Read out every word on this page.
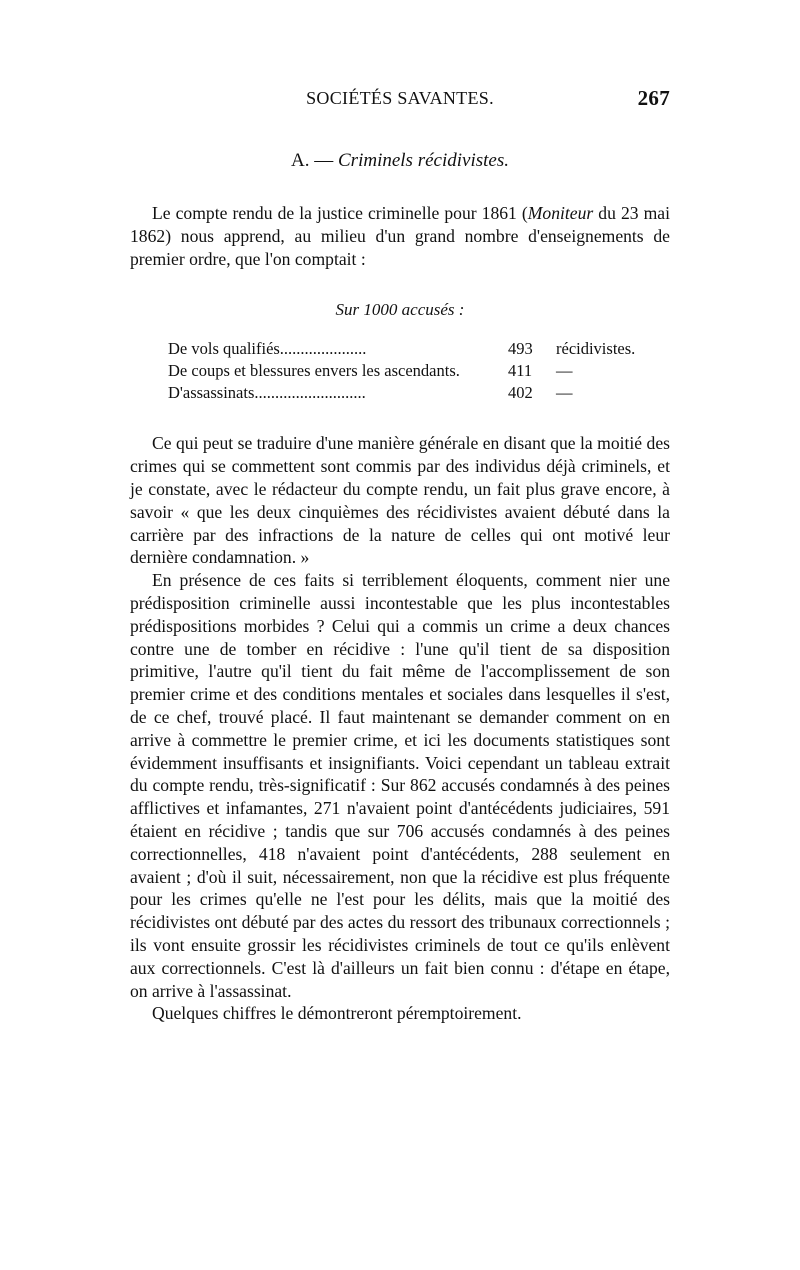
SOCIÉTÉS SAVANTES.	267
A. — Criminels récidivistes.

Le compte rendu de la justice criminelle pour 1861 (Moniteur du 23 mai 1862) nous apprend, au milieu d'un grand nombre d'enseignements de premier ordre, que l'on comptait :

Sur 1000 accusés :
De vols qualifiés.....................	493	récidivistes.
De coups et blessures envers les ascendants.	411	—
D'assassinats...........................	402	—

Ce qui peut se traduire d'une manière générale en disant que la moitié des crimes qui se commettent sont commis par des individus déjà criminels, et je constate, avec le rédacteur du compte rendu, un fait plus grave encore, à savoir « que les deux cinquièmes des récidivistes avaient débuté dans la carrière par des infractions de la nature de celles qui ont motivé leur dernière condamnation. »

En présence de ces faits si terriblement éloquents, comment nier une prédisposition criminelle aussi incontestable que les plus incontestables prédispositions morbides ? Celui qui a commis un crime a deux chances contre une de tomber en récidive : l'une qu'il tient de sa disposition primitive, l'autre qu'il tient du fait même de l'accomplissement de son premier crime et des conditions mentales et sociales dans lesquelles il s'est, de ce chef, trouvé placé. Il faut maintenant se demander comment on en arrive à commettre le premier crime, et ici les documents statistiques sont évidemment insuffisants et insignifiants. Voici cependant un tableau extrait du compte rendu, très-significatif : Sur 862 accusés condamnés à des peines afflictives et infamantes, 271 n'avaient point d'antécédents judiciaires, 591 étaient en récidive ; tandis que sur 706 accusés condamnés à des peines correctionnelles, 418 n'avaient point d'antécédents, 288 seulement en avaient ; d'où il suit, nécessairement, non que la récidive est plus fréquente pour les crimes qu'elle ne l'est pour les délits, mais que la moitié des récidivistes ont débuté par des actes du ressort des tribunaux correctionnels ; ils vont ensuite grossir les récidivistes criminels de tout ce qu'ils enlèvent aux correctionnels. C'est là d'ailleurs un fait bien connu : d'étape en étape, on arrive à l'assassinat.

Quelques chiffres le démontreront péremptoirement.
